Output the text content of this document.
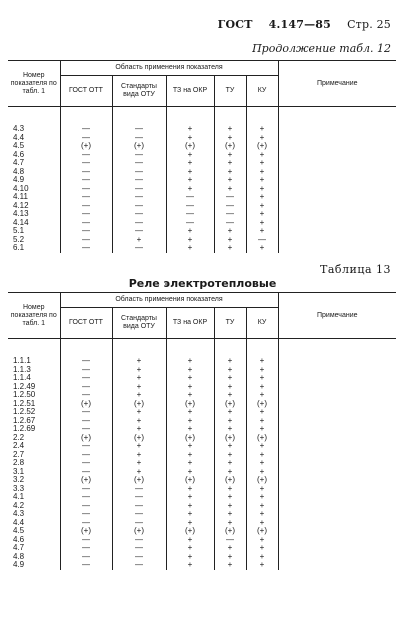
ГОСТ 4.147—85 Стр. 25
Продолжение табл. 12
Номер показателя по табл. 1	Область применения показателя					Примечание
	ГОСТ ОТТ	Стандарты вида ОТУ	ТЗ на ОКР	ТУ	КУ	

4.3	—	—	+	+	+	
4.4	—	—	+	+	+	
4.5	(+)	(+)	(+)	(+)	(+)	
4.6	—	—	+	+	+	
4.7	—	—	+	+	+	
4.8	—	—	+	+	+	
4.9	—	—	+	+	+	
4.10	—	—	+	+	+	
4.11	—	—	—	—	+	
4.12	—	—	—	—	+	
4.13	—	—	—	—	+	
4.14	—	—	—	—	+	
5.1	—	—	+	+	+	
5.2	—	+	+	+	—	
6.1	—	—	+	+	+	
Таблица 13
Реле электротепловые
Номер показателя по табл. 1	Область применения показателя					Примечание
	ГОСТ ОТТ	Стандарты вида ОТУ	ТЗ на ОКР	ТУ	КУ	

1.1.1	—	+	+	+	+	
1.1.3	—	+	+	+	+	
1.1.4	—	+	+	+	+	
1.2.49	—	+	+	+	+	
1.2.50	—	+	+	+	+	
1.2.51	(+)	(+)	(+)	(+)	(+)	
1.2.52	—	+	+	+	+	
1.2.67	—	+	+	+	+	
1.2.69	—	+	+	+	+	
2.2	(+)	(+)	(+)	(+)	(+)	
2.4	—	+	+	+	+	
2.7	—	+	+	+	+	
2.8	—	+	+	+	+	
3.1	—	+	+	+	+	
3.2	(+)	(+)	(+)	(+)	(+)	
3.3	—	—	+	+	+	
4.1	—	—	+	+	+	
4.2	—	—	+	+	+	
4.3	—	—	+	+	+	
4.4	—	—	+	+	+	
4.5	(+)	(+)	(+)	(+)	(+)	
4.6	—	—	+	—	+	
4.7	—	—	+	+	+	
4.8	—	—	+	+	+	
4.9	—	—	+	+	+	
